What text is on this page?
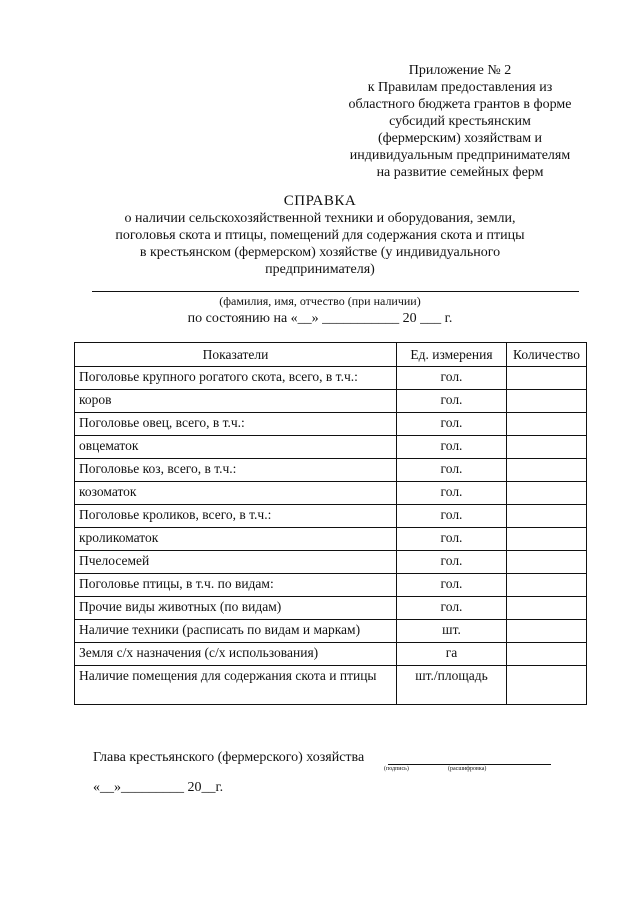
Приложение № 2
к Правилам предоставления из
областного бюджета грантов в форме
субсидий крестьянским
(фермерским) хозяйствам и
индивидуальным предпринимателям
на развитие семейных ферм
СПРАВКА
о наличии сельскохозяйственной техники и оборудования, земли,
поголовья скота и птицы, помещений для содержания скота и птицы
в крестьянском (фермерском) хозяйстве (у индивидуального
предпринимателя)
(фамилия, имя, отчество (при наличии)
по состоянию на «__» ___________ 20 ___ г.
Показатели	Ед. измерения	Количество
Поголовье крупного рогатого скота, всего, в т.ч.:	гол.	
коров	гол.	
Поголовье овец, всего, в т.ч.:	гол.	
овцематок	гол.	
Поголовье коз, всего, в т.ч.:	гол.	
козоматок	гол.	
Поголовье кроликов, всего, в т.ч.:	гол.	
кроликоматок	гол.	
Пчелосемей	гол.	
Поголовье птицы, в т.ч. по видам:	гол.	
Прочие виды животных (по видам)	гол.	
Наличие техники (расписать по видам и маркам)	шт.	
Земля с/х назначения (с/х использования)	га	
Наличие помещения для содержания скота и птицы	шт./площадь	
Глава крестьянского (фермерского) хозяйства
(подпись)	(расшифровка)
«__»_________ 20__г.
